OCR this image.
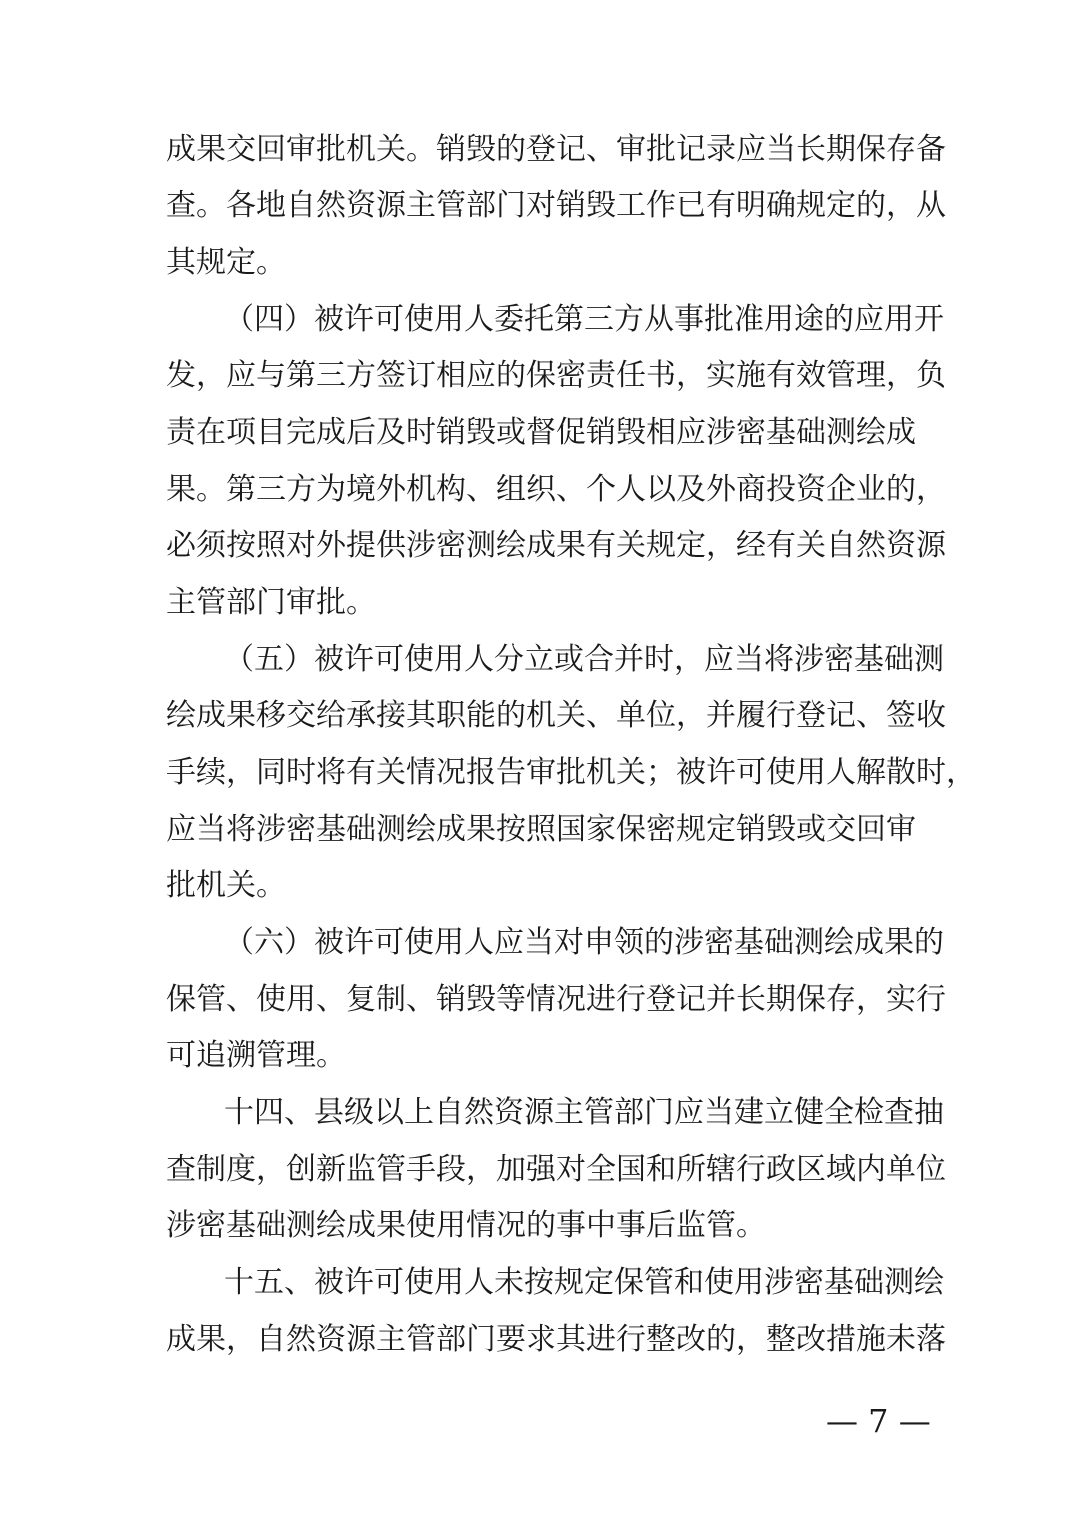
成果交回审批机关。销毁的登记、审批记录应当长期保存备
查。各地自然资源主管部门对销毁工作已有明确规定的，从
其规定。
（四）被许可使用人委托第三方从事批准用途的应用开
发，应与第三方签订相应的保密责任书，实施有效管理，负
责在项目完成后及时销毁或督促销毁相应涉密基础测绘成
果。第三方为境外机构、组织、个人以及外商投资企业的，
必须按照对外提供涉密测绘成果有关规定，经有关自然资源
主管部门审批。
（五）被许可使用人分立或合并时，应当将涉密基础测
绘成果移交给承接其职能的机关、单位，并履行登记、签收
手续，同时将有关情况报告审批机关；被许可使用人解散时，
应当将涉密基础测绘成果按照国家保密规定销毁或交回审
批机关。
（六）被许可使用人应当对申领的涉密基础测绘成果的
保管、使用、复制、销毁等情况进行登记并长期保存，实行
可追溯管理。
十四、县级以上自然资源主管部门应当建立健全检查抽
查制度，创新监管手段，加强对全国和所辖行政区域内单位
涉密基础测绘成果使用情况的事中事后监管。
十五、被许可使用人未按规定保管和使用涉密基础测绘
成果，自然资源主管部门要求其进行整改的，整改措施未落
— 7 —
